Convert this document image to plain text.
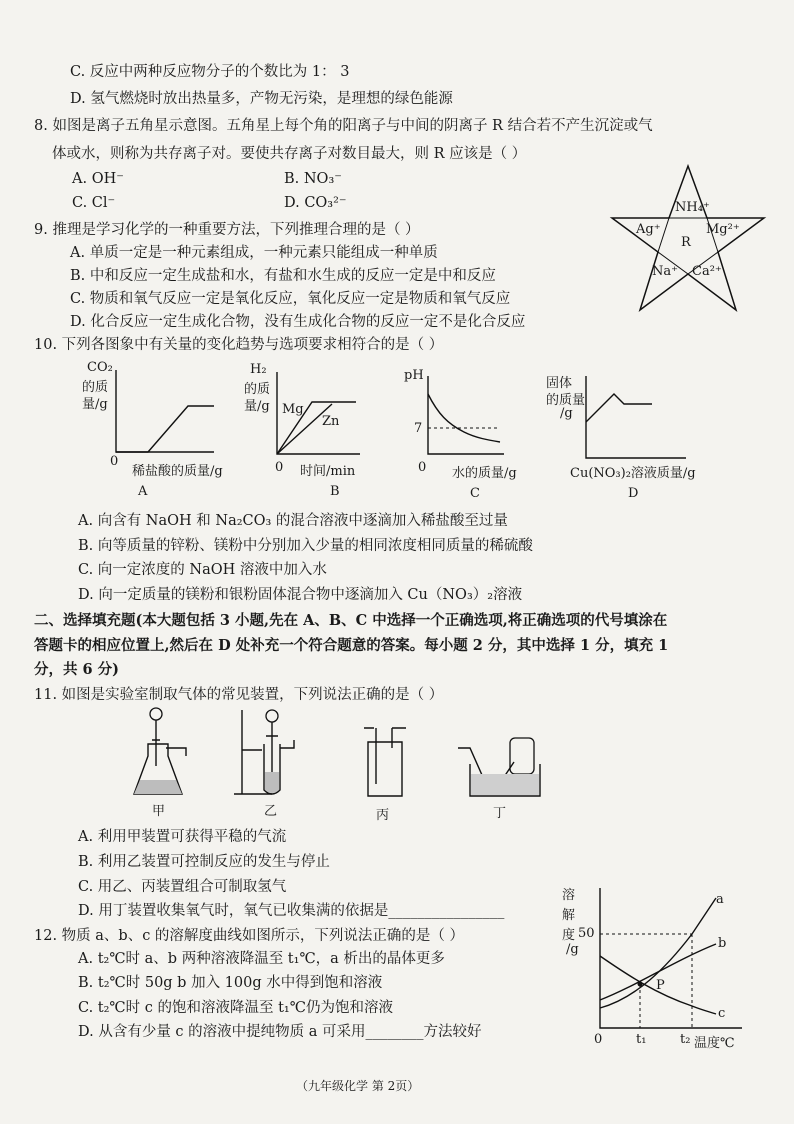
C. 反应中两种反应物分子的个数比为 1： 3
D. 氢气燃烧时放出热量多，产物无污染，是理想的绿色能源
8. 如图是离子五角星示意图。五角星上每个角的阳离子与中间的阴离子 R 结合若不产生沉淀或气
体或水，则称为共存离子对。要使共存离子对数目最大，则 R 应该是（ ）
A. OH⁻	B. NO₃⁻
C. Cl⁻	D. CO₃²⁻	NH₄⁺
Ag⁺	Mg²⁺
R
Na⁺ Ca²⁺
9. 推理是学习化学的一种重要方法，下列推理合理的是（ ）
A. 单质一定是一种元素组成，一种元素只能组成一种单质
B. 中和反应一定生成盐和水，有盐和水生成的反应一定是中和反应
C. 物质和氧气反应一定是氧化反应，氧化反应一定是物质和氧气反应
D. 化合反应一定生成化合物，没有生成化合物的反应一定不是化合反应
10. 下列各图象中有关量的变化趋势与选项要求相符合的是（ ）
CO₂
的质
量/g
0
稀盐酸的质量/g
A
H₂
的质
量/g Mg
Zn
0 时间/min
B
pH
7
0 水的质量/g
C
固体
的质量
/g
Cu(NO₃)₂溶液质量/g
D
A. 向含有 NaOH 和 Na₂CO₃ 的混合溶液中逐滴加入稀盐酸至过量
B. 向等质量的锌粉、镁粉中分别加入少量的相同浓度相同质量的稀硫酸
C. 向一定浓度的 NaOH 溶液中加入水
D. 向一定质量的镁粉和银粉固体混合物中逐滴加入 Cu（NO₃）₂溶液
二、选择填充题(本大题包括 3 小题,先在 A、B、C 中选择一个正确选项,将正确选项的代号填涂在
答题卡的相应位置上,然后在 D 处补充一个符合题意的答案。每小题 2 分，其中选择 1 分，填充 1
分，共 6 分)
11. 如图是实验室制取气体的常见装置，下列说法正确的是（ ）
甲	乙	丙	丁
A. 利用甲装置可获得平稳的气流
B. 利用乙装置可控制反应的发生与停止
C. 用乙、丙装置组合可制取氢气
D. 用丁装置收集氧气时，氧气已收集满的依据是________________
12. 物质 a、b、c 的溶解度曲线如图所示，下列说法正确的是（ ）
A. t₂℃时 a、b 两种溶液降温至 t₁℃，a 析出的晶体更多
B. t₂℃时 50g b 加入 100g 水中得到饱和溶液
C. t₂℃时 c 的饱和溶液降温至 t₁℃仍为饱和溶液
D. 从含有少量 c 的溶液中提纯物质 a 可采用________方法较好
溶
解
度
/g
50
0	t₁	t₂ 温度℃
a
b
c
P
（九年级化学 第 2页）
